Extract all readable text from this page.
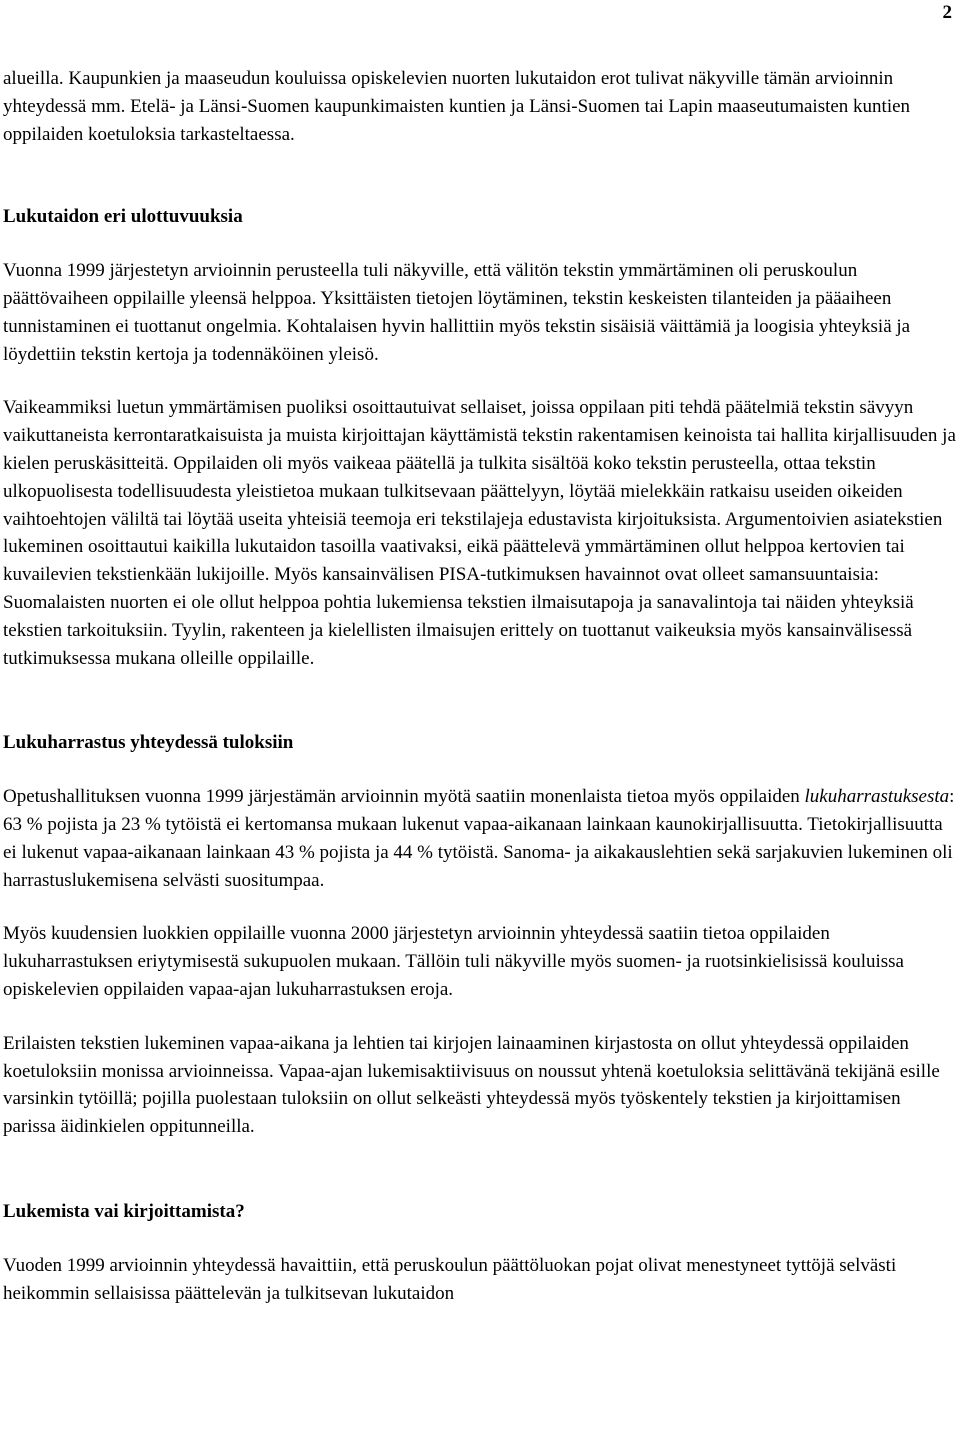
2

alueilla. Kaupunkien ja maaseudun kouluissa opiskelevien nuorten lukutaidon erot tulivat näkyville tämän arvioinnin yhteydessä mm. Etelä- ja Länsi-Suomen kaupunkimaisten kuntien ja Länsi-Suomen tai Lapin maaseutumaisten kuntien oppilaiden koetuloksia tarkasteltaessa.

Lukutaidon eri ulottuvuuksia

Vuonna 1999 järjestetyn arvioinnin perusteella tuli näkyville, että välitön tekstin ymmärtäminen oli peruskoulun päättövaiheen oppilaille yleensä helppoa. Yksittäisten tietojen löytäminen, tekstin keskeisten tilanteiden ja pääaiheen tunnistaminen ei tuottanut ongelmia. Kohtalaisen hyvin hallittiin myös tekstin sisäisiä väittämiä ja loogisia yhteyksiä ja löydettiin tekstin kertoja ja todennäköinen yleisö.

Vaikeammiksi luetun ymmärtämisen puoliksi osoittautuivat sellaiset, joissa oppilaan piti tehdä päätelmiä tekstin sävyyn vaikuttaneista kerrontaratkaisuista ja muista kirjoittajan käyttämistä tekstin rakentamisen keinoista tai hallita kirjallisuuden ja kielen peruskäsitteitä. Oppilaiden oli myös vaikeaa päätellä ja tulkita sisältöä koko tekstin perusteella, ottaa tekstin ulkopuolisesta todellisuudesta yleistietoa mukaan tulkitsevaan päättelyyn, löytää mielekkäin ratkaisu useiden oikeiden vaihtoehtojen väliltä tai löytää useita yhteisiä teemoja eri tekstilajeja edustavista kirjoituksista. Argumentoivien asiatekstien lukeminen osoittautui kaikilla lukutaidon tasoilla vaativaksi, eikä päättelevä ymmärtäminen ollut helppoa kertovien tai kuvailevien tekstienkään lukijoille. Myös kansainvälisen PISA-tutkimuksen havainnot ovat olleet samansuuntaisia: Suomalaisten nuorten ei ole ollut helppoa pohtia lukemiensa tekstien ilmaisutapoja ja sanavalintoja tai näiden yhteyksiä tekstien tarkoituksiin. Tyylin, rakenteen ja kielellisten ilmaisujen erittely on tuottanut vaikeuksia myös kansainvälisessä tutkimuksessa mukana olleille oppilaille.

Lukuharrastus yhteydessä tuloksiin

Opetushallituksen vuonna 1999 järjestämän arvioinnin myötä saatiin monenlaista tietoa myös oppilaiden lukuharrastuksesta: 63 % pojista ja 23 % tytöistä ei kertomansa mukaan lukenut vapaa-aikanaan lainkaan kaunokirjallisuutta. Tietokirjallisuutta ei lukenut vapaa-aikanaan lainkaan 43 % pojista ja 44 % tytöistä. Sanoma- ja aikakauslehtien sekä sarjakuvien lukeminen oli harrastuslukemisena selvästi suositumpaa.

Myös kuudensien luokkien oppilaille vuonna 2000 järjestetyn arvioinnin yhteydessä saatiin tietoa oppilaiden lukuharrastuksen eriytymisestä sukupuolen mukaan. Tällöin tuli näkyville myös suomen- ja ruotsinkielisissä kouluissa opiskelevien oppilaiden vapaa-ajan lukuharrastuksen eroja.

Erilaisten tekstien lukeminen vapaa-aikana ja lehtien tai kirjojen lainaaminen kirjastosta on ollut yhteydessä oppilaiden koetuloksiin monissa arvioinneissa. Vapaa-ajan lukemisaktiivisuus on noussut yhtenä koetuloksia selittävänä tekijänä esille varsinkin tytöillä; pojilla puolestaan tuloksiin on ollut selkeästi yhteydessä myös työskentely tekstien ja kirjoittamisen parissa äidinkielen oppitunneilla.

Lukemista vai kirjoittamista?

Vuoden 1999 arvioinnin yhteydessä havaittiin, että peruskoulun päättöluokan pojat olivat menestyneet tyttöjä selvästi heikommin sellaisissa päättelevän ja tulkitsevan lukutaidon
